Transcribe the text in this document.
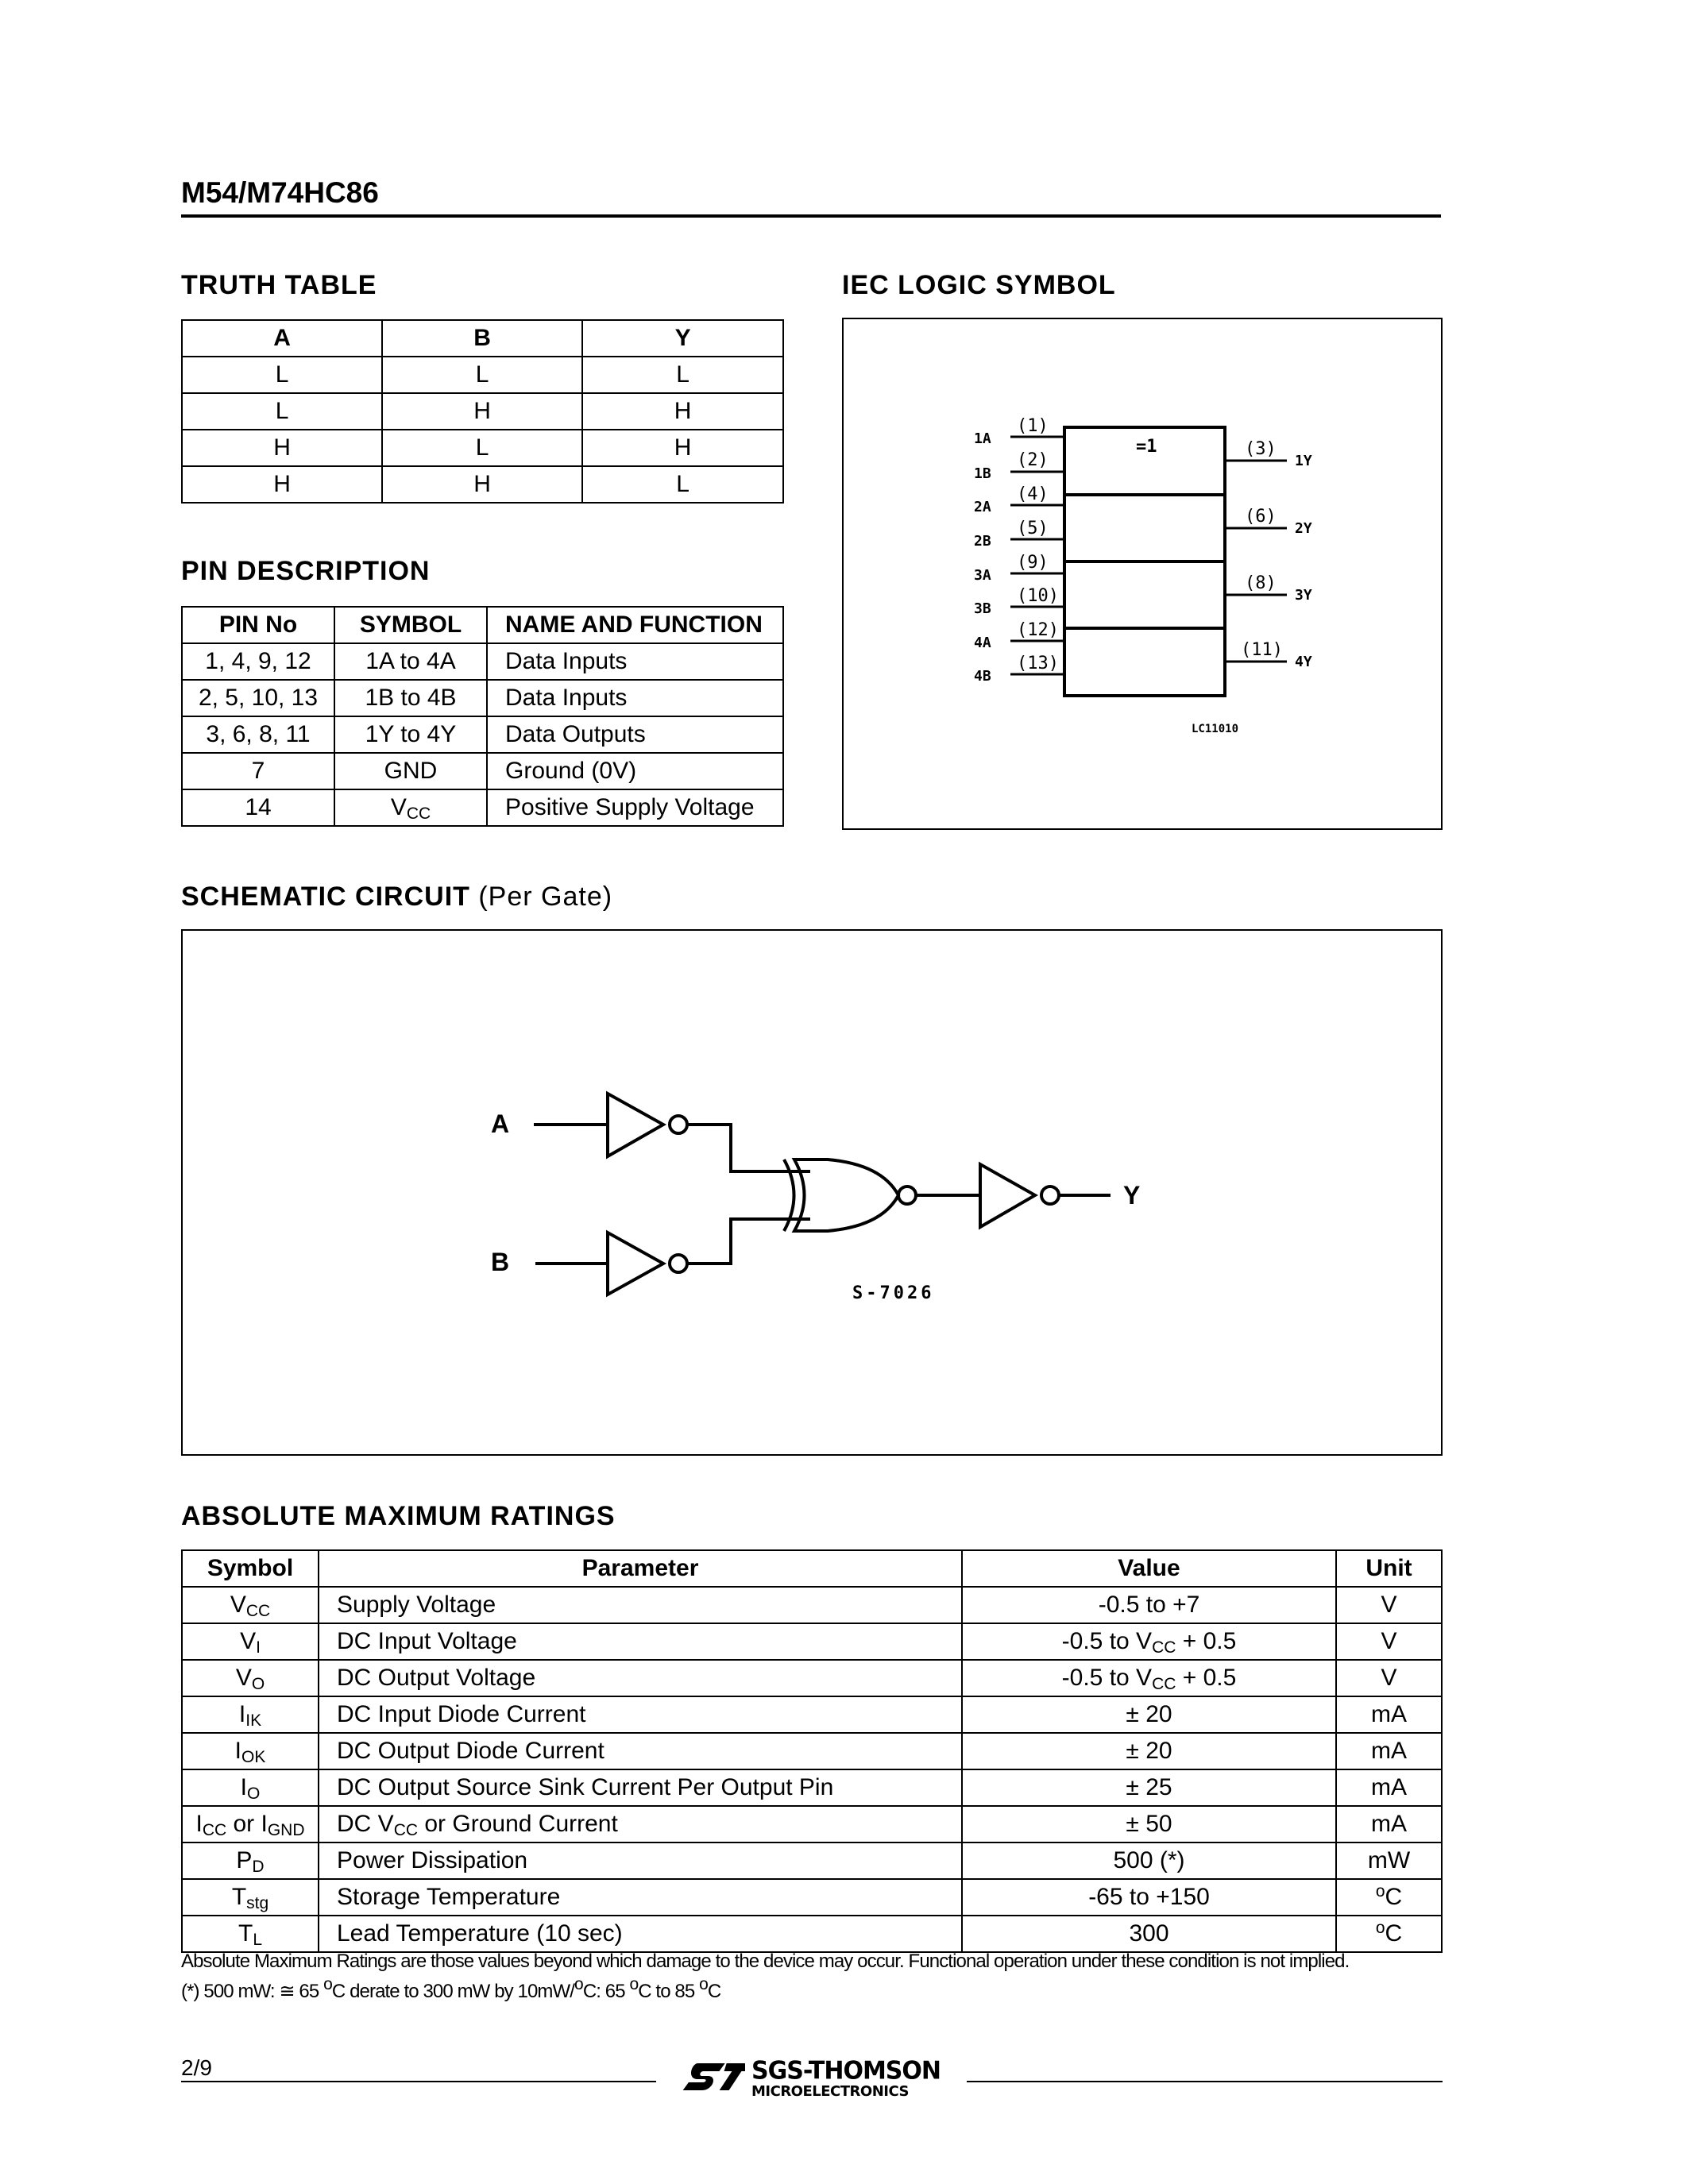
M54/M74HC86
TRUTH TABLE
A	B	Y
L	L	L
L	H	H
H	L	H
H	H	L
PIN DESCRIPTION
PIN No	SYMBOL	NAME AND FUNCTION
1, 4, 9, 12	1A to 4A	Data Inputs
2, 5, 10, 13	1B to 4B	Data Inputs
3, 6, 8, 11	1Y to 4Y	Data Outputs
7	GND	Ground (0V)
14	$V_{CC}$	Positive Supply Voltage
IEC LOGIC SYMBOL
=1
1A
1B
2A
2B
3A
3B
4A
4B
(1)
(2)
(4)
(5)
(9)
(10)
(12)
(13)
(3)
(6)
(8)
(11)
1Y
2Y
3Y
4Y
LC11010
SCHEMATIC CIRCUIT (Per Gate)
A
B
Y
S-7026
ABSOLUTE MAXIMUM RATINGS
Symbol	Parameter	Value	Unit
$V_{CC}$	Supply Voltage	-0.5 to +7	V
$V_I$	DC Input Voltage	-0.5 to $V_{CC} + 0.5$	V
$V_O$	DC Output Voltage	-0.5 to $V_{CC} + 0.5$	V
$I_{IK}$	DC Input Diode Current	± 20	mA
$I_{OK}$	DC Output Diode Current	± 20	mA
$I_O$	DC Output Source Sink Current Per Output Pin	± 25	mA
$I_{CC}$ or $I_{GND}$	DC $V_{CC}$ or Ground Current	± 50	mA
$P_D$	Power Dissipation	500 (*)	mW
$T_{stg}$	Storage Temperature	-65 to +150	$^o$C
$T_L$	Lead Temperature (10 sec)	300	$^o$C
Absolute Maximum Ratings are those values beyond which damage to the device may occur. Functional operation under these condition is not implied.
(*) 500 mW: ≅ 65 $^o$C derate to 300 mW by 10mW/$^o$C: 65 $^o$C to 85 $^o$C
2/9	SGS-THOMSON
MICROELECTRONICS
